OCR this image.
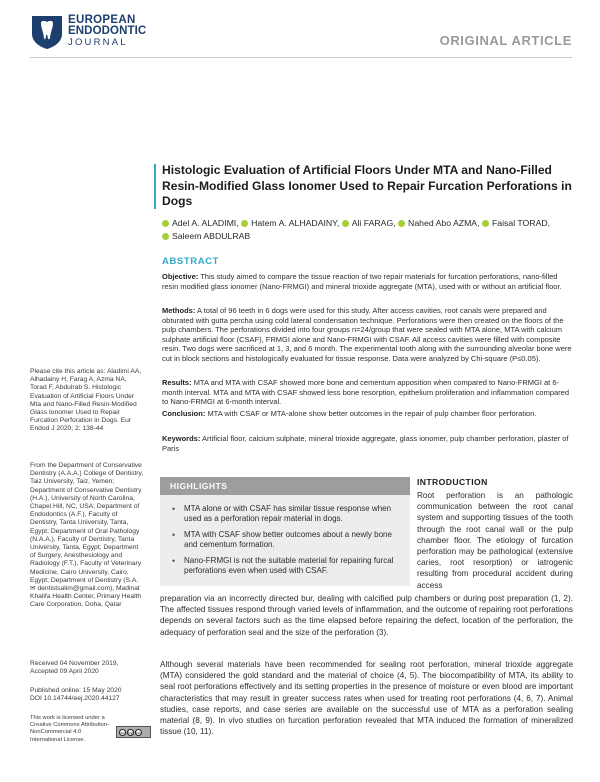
EUROPEAN
ENDODONTIC
JOURNAL	ORIGINAL ARTICLE
Histologic Evaluation of Artificial Floors Under MTA and Nano-Filled Resin-Modified Glass Ionomer Used to Repair Furcation Perforations in Dogs
Adel A. ALADIMI, Hatem A. ALHADAINY, Ali FARAG, Nahed Abo AZMA, Faisal TORAD,
Saleem ABDULRAB
ABSTRACT

Objective: This study aimed to compare the tissue reaction of two repair materials for furcation perforations, nano-filled resin modified glass ionomer (Nano-FRMGI) and mineral trioxide aggregate (MTA), used with or without an artificial floor.

Methods: A total of 96 teeth in 6 dogs were used for this study. After access cavities, root canals were prepared and obturated with gutta percha using cold lateral condensation technique. Perforations were then created on the floors of the pulp chambers. The perforations divided into four groups n=24/group that were sealed with MTA alone, MTA with calcium sulphate artificial floor (CSAF), FRMGI alone and Nano-FRMGI with CSAF. All access cavities were filled with composite resin. Two dogs were sacrificed at 1, 3, and 6 month. The experimental tooth along with the surrounding alveolar bone were cut in block sections and histologically evaluated for tissue response. Data were analyzed by Chi-square (P≤0.05).

Results: MTA and MTA with CSAF showed more bone and cementum apposition when compared to Nano-FRMGI at 6-month interval. MTA and MTA with CSAF showed less bone resorption, epithelium proliferation and inflammation compared to Nano-FRMGI at 6-month interval.

Conclusion: MTA with CSAF or MTA-alone show better outcomes in the repair of pulp chamber floor perforation.

Keywords: Artificial floor, calcium sulphate, mineral trioxide aggregate, glass ionomer, pulp chamber perforation, plaster of Paris

Please cite this article as: Aladimi AA, Alhadainy H, Farag A, Azma NA, Torad F, Abdulrab S. Histologic Evaluation of Artificial Floors Under Mta and Nano-Filled Resin-Modified Glass Ionomer Used to Repair Furcation Perforation in Dogs. Eur Endod J 2020; 2: 138-44

From the Department of Conservative Dentistry (A.A.A.) College of Dentistry, Taiz University, Taiz, Yemen; Department of Conservative Dentistry (H.A.), University of North Carolina, Chapel Hill, NC, USA; Department of Endodontics (A.F.), Faculty of Dentistry, Tanta University, Tanta, Egypt; Department of Oral Pathology (N.A.A.), Faculty of Dentistry, Tanta University, Tanta, Egypt; Department of Surgery, Anesthesiology and Radiology (F.T.), Faculty of Veterinary Medicine, Cairo University, Cairo, Egypt; Department of Dentistry (S.A. ✉ dentistsalim@gmail.com), Madinat Khalifa Health Center, Primary Health Care Corporation, Doha, Qatar

Received 04 November 2019,
Accepted 09 April 2020
Published online: 15 May 2020
DOI 10.14744/eej.2020.44127

This work is licensed under a Creative Commons Attribution-NonCommercial 4.0 International License.

cc by nc
HIGHLIGHTS
• MTA alone or with CSAF has similar tissue response when used as a perforation repair material in dogs.
• MTA with CSAF show better outcomes about a newly bone and cementum formation.
• Nano-FRMGI is not the suitable material for repairing furcal perforations even when used with CSAF.
INTRODUCTION

Root perforation is an pathologic communication between the root canal system and supporting tissues of the tooth through the root canal wall or the pulp chamber floor. The etiology of furcation perforation may be pathological (extensive caries, root resorption) or iatrogenic resulting from procedural accident during access

preparation via an incorrectly directed bur, dealing with calcified pulp chambers or during post preparation (1, 2). The affected tissues respond through varied levels of inflammation, and the outcome of repairing root perforations depends on several factors such as the time elapsed before repairing the defect, location of the perforation, the adequacy of perforation seal and the size of the perforation (3).

Although several materials have been recommended for sealing root perforation, mineral trioxide aggregate (MTA) considered the gold standard and the material of choice (4, 5). The biocompatibility of MTA, its ability to seal root perforations effectively and its setting properties in the presence of moisture or even blood are important characteristics that may result in greater success rates when used for treating root perforations (4, 6, 7). Animal studies, case reports, and case series are available on the successful use of MTA as a perforation sealing material (8, 9). In vivo studies on furcation perforation revealed that MTA induced the formation of mineralized tissue (10, 11).
